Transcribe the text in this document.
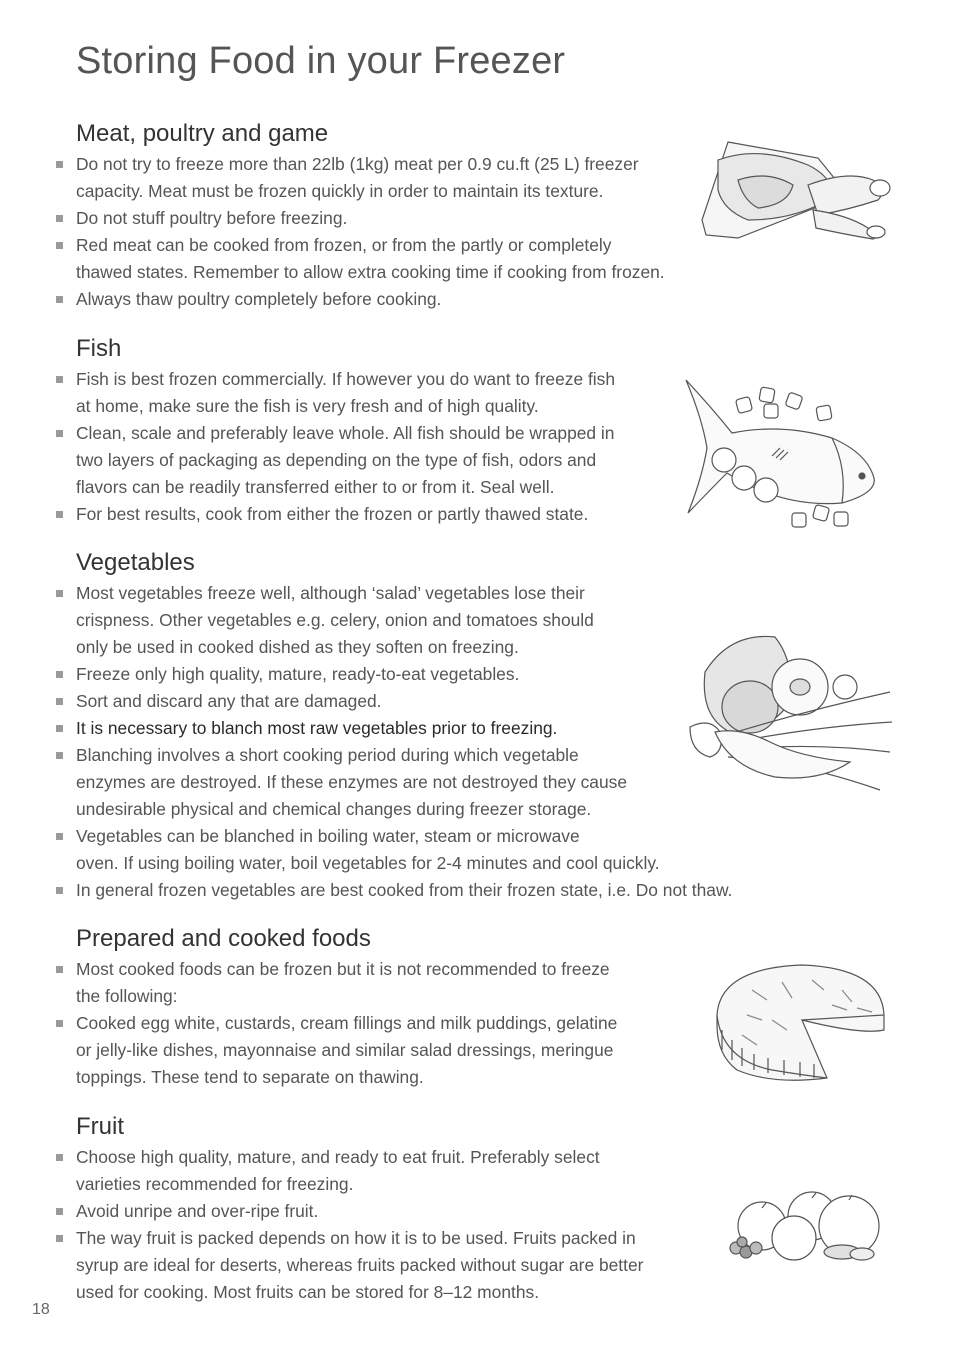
Storing Food in your Freezer
Meat, poultry and game
Do not try to freeze more than 22lb (1kg) meat per 0.9 cu.ft (25 L) freezer
capacity. Meat must be frozen quickly in order to maintain its texture.
Do not stuff poultry before freezing.
Red meat can be cooked from frozen, or from the partly or completely
thawed states. Remember to allow extra cooking time if cooking from frozen.
Always thaw poultry completely before cooking.
Fish
Fish is best frozen commercially. If however you do want to freeze fish
at home, make sure the fish is very fresh and of high quality.
Clean, scale and preferably leave whole. All fish should be wrapped in
two layers of packaging as depending on the type of fish, odors and
flavors can be readily transferred either to or from it. Seal well.
For best results, cook from either the frozen or partly thawed state.
Vegetables
Most vegetables freeze well, although ‘salad’ vegetables lose their
crispness. Other vegetables e.g. celery, onion and tomatoes should
only be used in cooked dished as they soften on freezing.
Freeze only high quality, mature, ready-to-eat vegetables.
Sort and discard any that are damaged.
It is necessary to blanch most raw vegetables prior to freezing.
Blanching involves a short cooking period during which vegetable
enzymes are destroyed. If these enzymes are not destroyed they cause
undesirable physical and chemical changes during freezer storage.
Vegetables can be blanched in boiling water, steam or microwave
oven. If using boiling water, boil vegetables for 2-4 minutes and cool quickly.
In general frozen vegetables are best cooked from their frozen state, i.e. Do not thaw.
Prepared and cooked foods
Most cooked foods can be frozen but it is not recommended to freeze
the following:
Cooked egg white, custards, cream fillings and milk puddings, gelatine
or jelly-like dishes, mayonnaise and similar salad dressings, meringue
toppings. These tend to separate on thawing.
Fruit
Choose high quality, mature, and ready to eat fruit. Preferably select
varieties recommended for freezing.
Avoid unripe and over-ripe fruit.
The way fruit is packed depends on how it is to be used. Fruits packed in
syrup are ideal for deserts, whereas fruits packed without sugar are better
used for cooking. Most fruits can be stored for 8–12 months.
18
